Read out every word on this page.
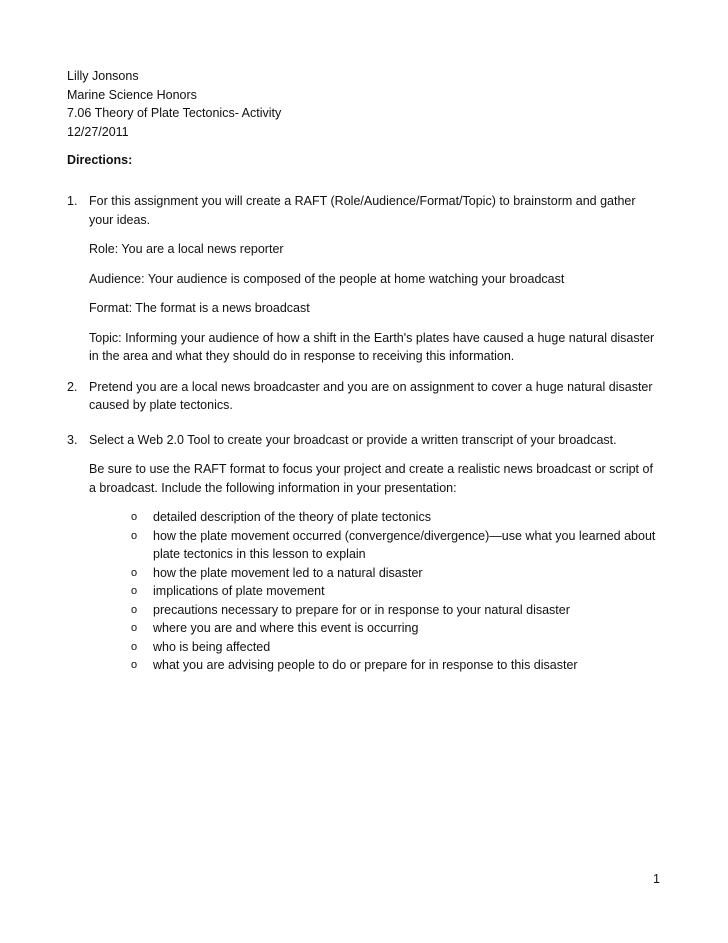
Lilly Jonsons
Marine Science Honors
7.06 Theory of Plate Tectonics- Activity
12/27/2011
Directions:
1. For this assignment you will create a RAFT (Role/Audience/Format/Topic) to brainstorm and gather your ideas.

Role: You are a local news reporter

Audience: Your audience is composed of the people at home watching your broadcast

Format: The format is a news broadcast

Topic: Informing your audience of how a shift in the Earth's plates have caused a huge natural disaster in the area and what they should do in response to receiving this information.

2. Pretend you are a local news broadcaster and you are on assignment to cover a huge natural disaster caused by plate tectonics.

3. Select a Web 2.0 Tool to create your broadcast or provide a written transcript of your broadcast.

Be sure to use the RAFT format to focus your project and create a realistic news broadcast or script of a broadcast. Include the following information in your presentation:

o detailed description of the theory of plate tectonics
o how the plate movement occurred (convergence/divergence)—use what you learned about plate tectonics in this lesson to explain
o how the plate movement led to a natural disaster
o implications of plate movement
o precautions necessary to prepare for or in response to your natural disaster
o where you are and where this event is occurring
o who is being affected
o what you are advising people to do or prepare for in response to this disaster
1
